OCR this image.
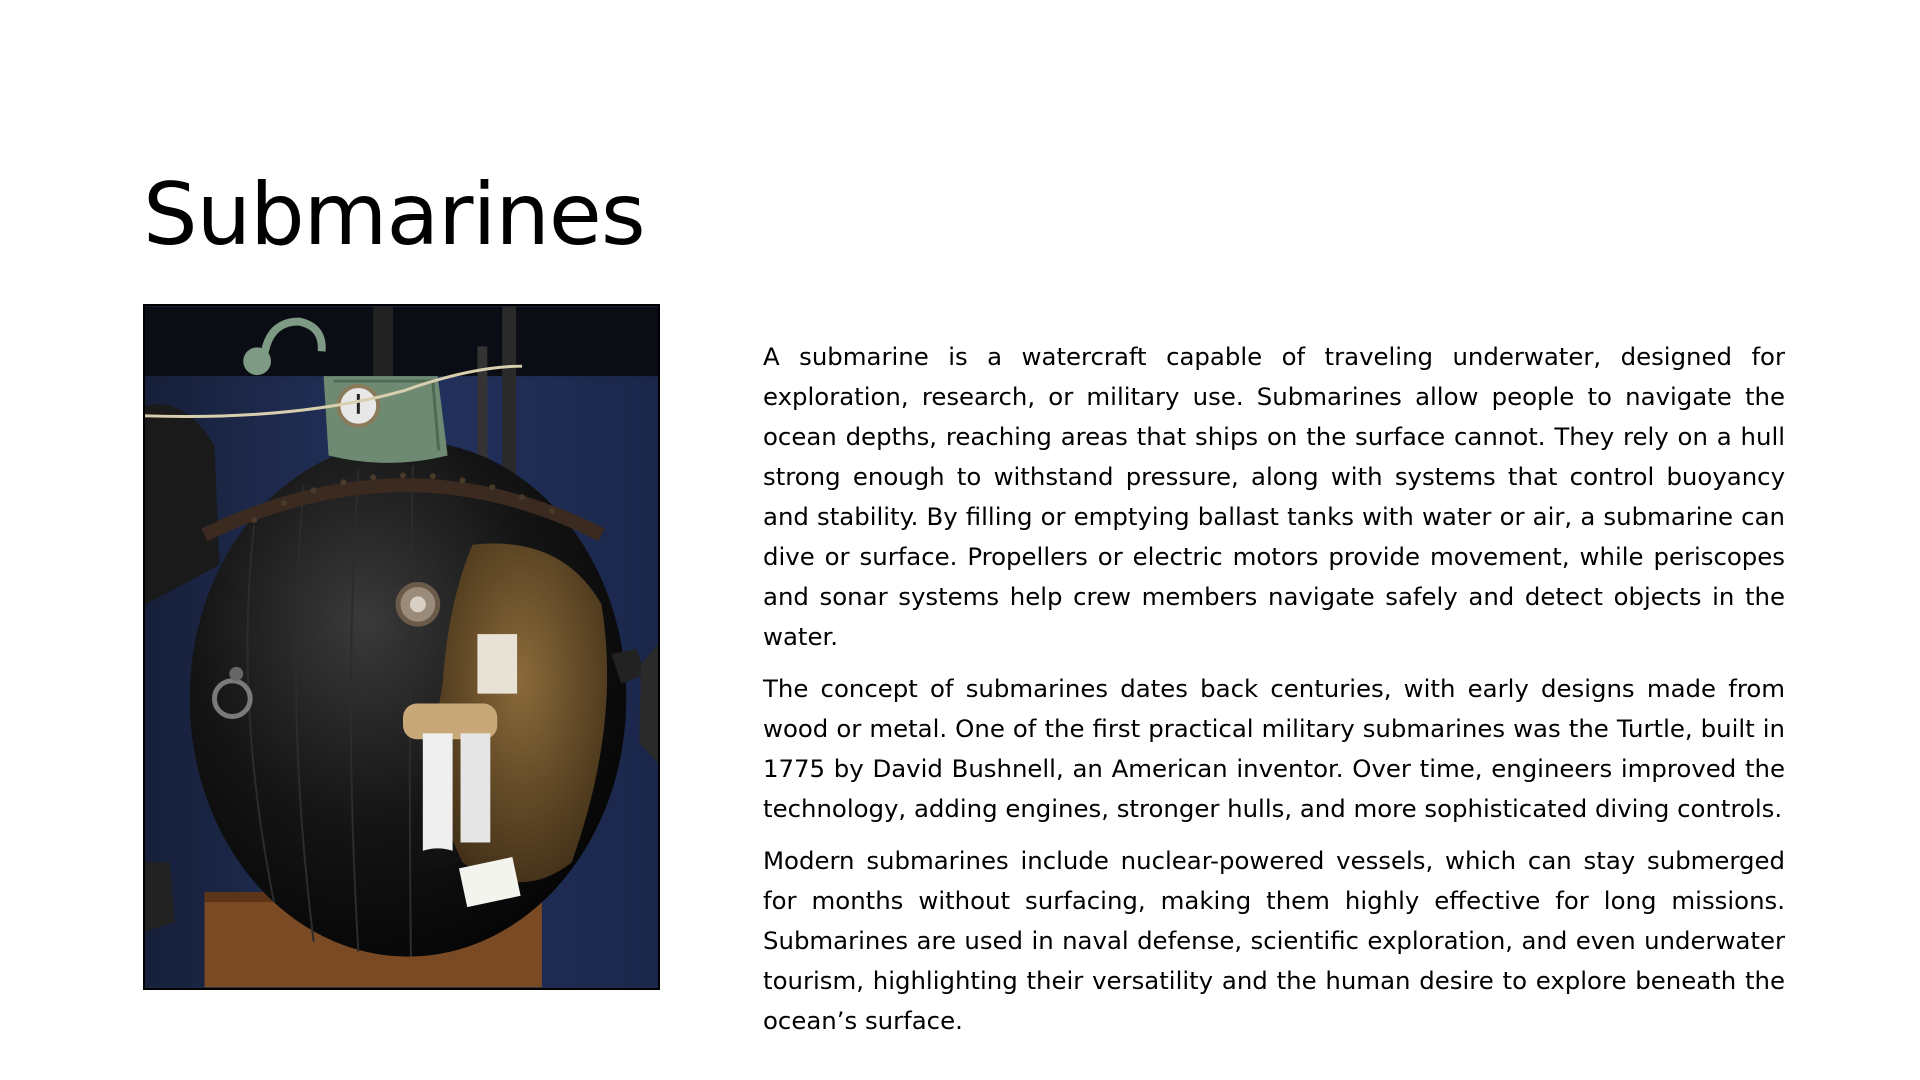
Submarines

A submarine is a watercraft capable of traveling underwater, designed for exploration, research, or military use. Submarines allow people to navigate the ocean depths, reaching areas that ships on the surface cannot. They rely on a hull strong enough to withstand pressure, along with systems that control buoyancy and stability. By filling or emptying ballast tanks with water or air, a submarine can dive or surface. Propellers or electric motors provide movement, while periscopes and sonar systems help crew members navigate safely and detect objects in the water.

The concept of submarines dates back centuries, with early designs made from wood or metal. One of the first practical military submarines was the Turtle, built in 1775 by David Bushnell, an American inventor. Over time, engineers improved the technology, adding engines, stronger hulls, and more sophisticated diving controls.

Modern submarines include nuclear-powered vessels, which can stay submerged for months without surfacing, making them highly effective for long missions. Submarines are used in naval defense, scientific exploration, and even underwater tourism, highlighting their versatility and the human desire to explore beneath the ocean’s surface.
